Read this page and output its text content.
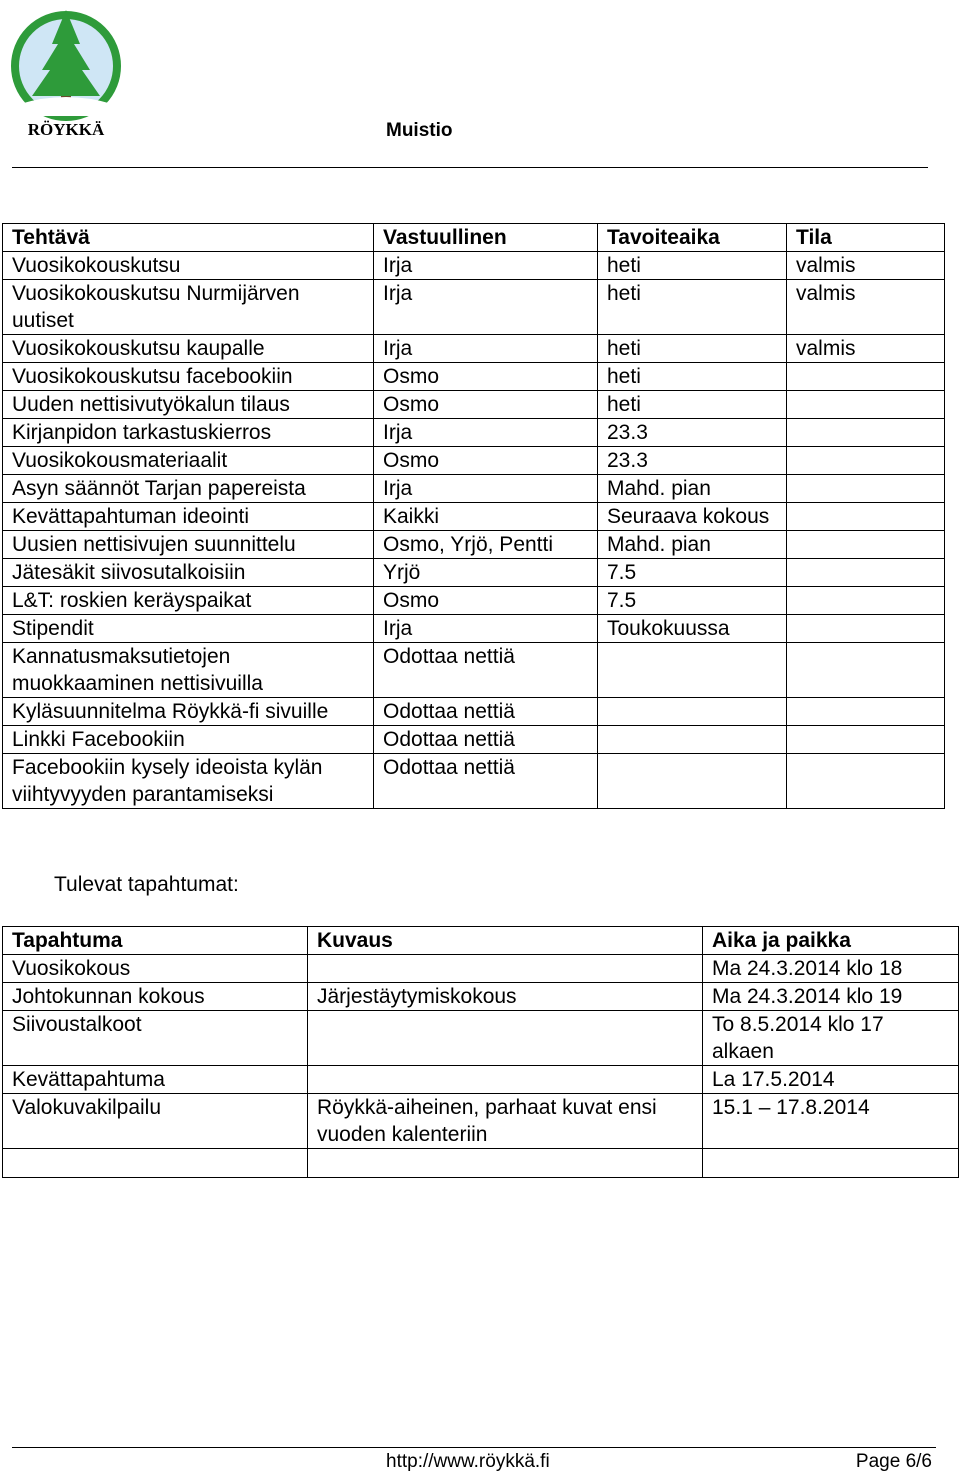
RÖYKKÄ	Muistio
Tehtävä	Vastuullinen	Tavoiteaika	Tila
Vuosikokouskutsu	Irja	heti	valmis
Vuosikokouskutsu Nurmijärven uutiset	Irja	heti	valmis
Vuosikokouskutsu kaupalle	Irja	heti	valmis
Vuosikokouskutsu facebookiin	Osmo	heti	
Uuden nettisivutyökalun tilaus	Osmo	heti	
Kirjanpidon tarkastuskierros	Irja	23.3	
Vuosikokousmateriaalit	Osmo	23.3	
Asyn säännöt Tarjan papereista	Irja	Mahd. pian	
Kevättapahtuman ideointi	Kaikki	Seuraava kokous	
Uusien nettisivujen suunnittelu	Osmo, Yrjö, Pentti	Mahd. pian	
Jätesäkit siivosutalkoisiin	Yrjö	7.5	
L&T: roskien keräyspaikat	Osmo	7.5	
Stipendit	Irja	Toukokuussa	
Kannatusmaksutietojen muokkaaminen nettisivuilla	Odottaa nettiä		
Kyläsuunnitelma Röykkä-fi sivuille	Odottaa nettiä		
Linkki Facebookiin	Odottaa nettiä		
Facebookiin kysely ideoista kylän viihtyvyyden parantamiseksi	Odottaa nettiä		
Tulevat tapahtumat:
Tapahtuma	Kuvaus	Aika ja paikka
Vuosikokous		Ma 24.3.2014 klo 18
Johtokunnan kokous	Järjestäytymiskokous	Ma 24.3.2014 klo 19
Siivoustalkoot		To 8.5.2014 klo 17 alkaen
Kevättapahtuma		La 17.5.2014
Valokuvakilpailu	Röykkä-aiheinen, parhaat kuvat ensi vuoden kalenteriin	15.1 – 17.8.2014

http://www.röykkä.fi	Page 6/6
